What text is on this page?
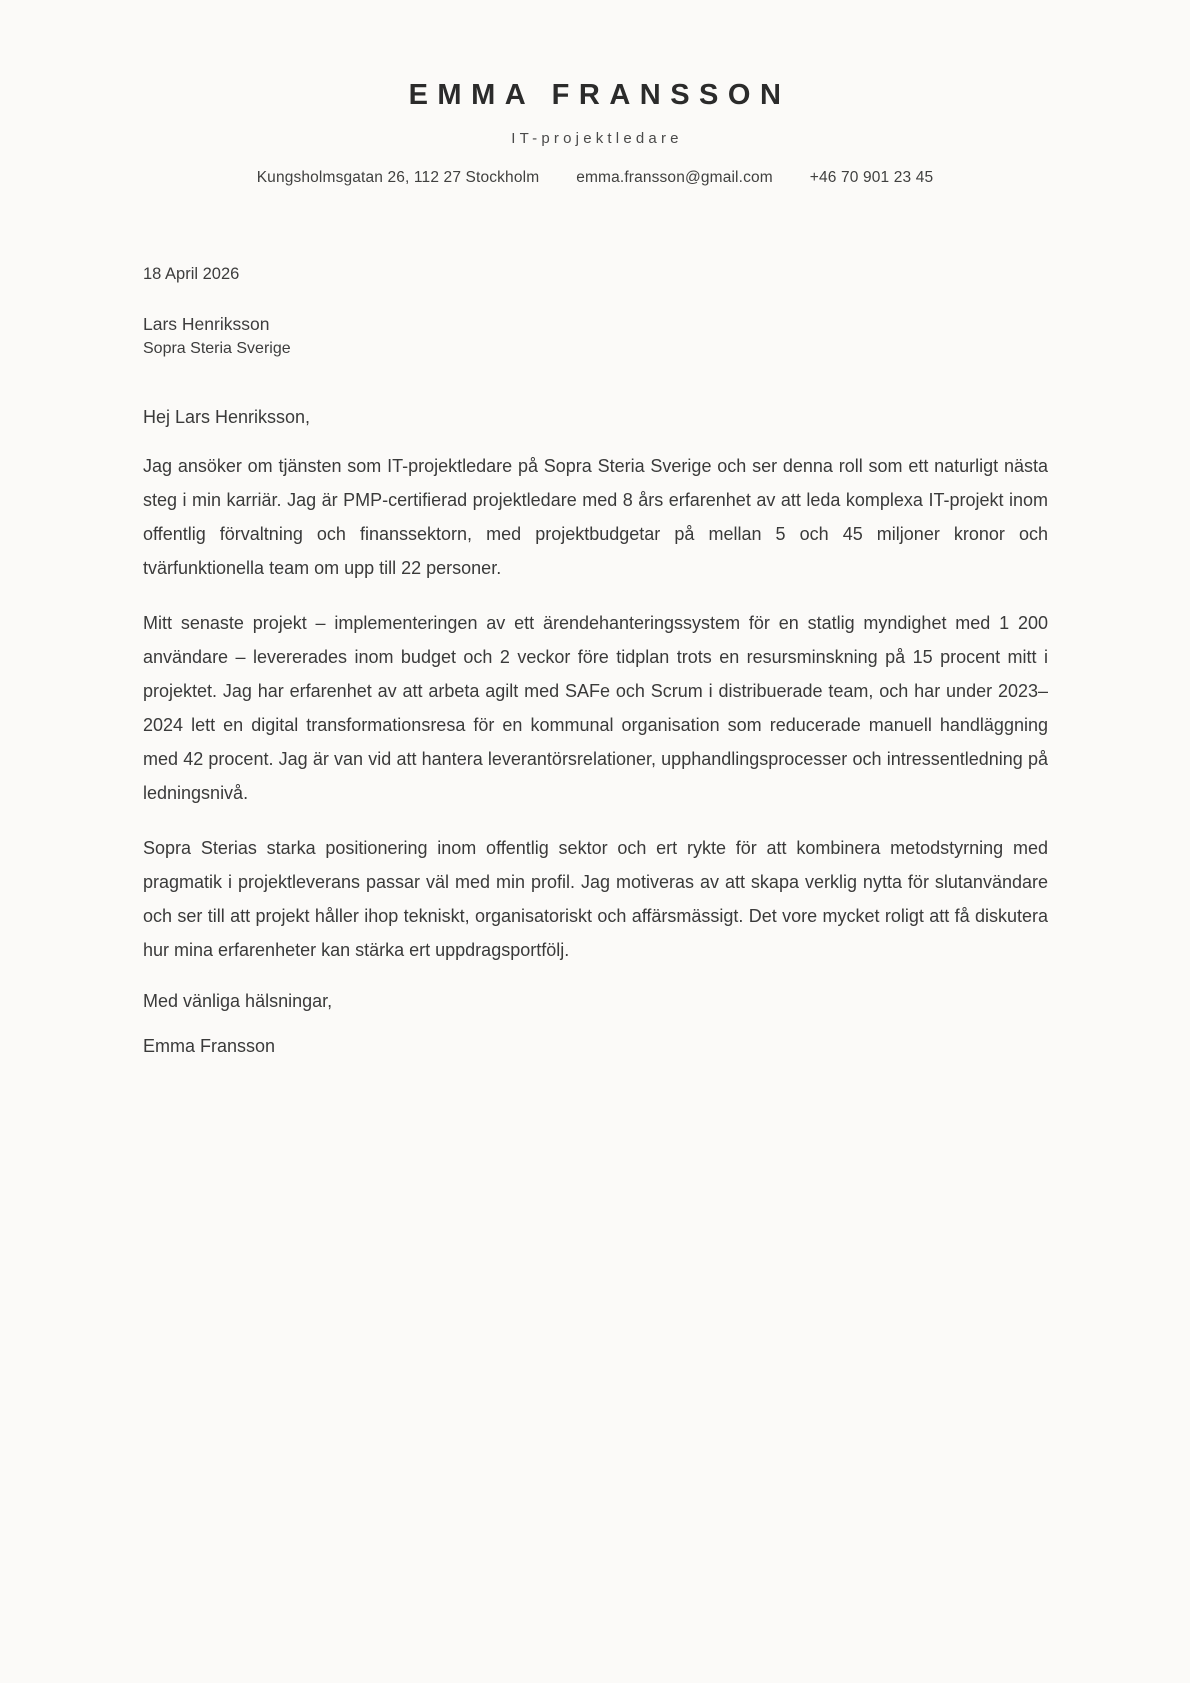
EMMA FRANSSON
IT-projektledare
Kungsholmsgatan 26, 112 27 Stockholm emma.fransson@gmail.com +46 70 901 23 45
18 April 2026
Lars Henriksson
Sopra Steria Sverige
Hej Lars Henriksson,

Jag ansöker om tjänsten som IT-projektledare på Sopra Steria Sverige och ser denna roll som ett naturligt nästa steg i min karriär. Jag är PMP-certifierad projektledare med 8 års erfarenhet av att leda komplexa IT-projekt inom offentlig förvaltning och finanssektorn, med projektbudgetar på mellan 5 och 45 miljoner kronor och tvärfunktionella team om upp till 22 personer.

Mitt senaste projekt – implementeringen av ett ärendehanteringssystem för en statlig myndighet med 1 200 användare – levererades inom budget och 2 veckor före tidplan trots en resursminskning på 15 procent mitt i projektet. Jag har erfarenhet av att arbeta agilt med SAFe och Scrum i distribuerade team, och har under 2023–2024 lett en digital transformationsresa för en kommunal organisation som reducerade manuell handläggning med 42 procent. Jag är van vid att hantera leverantörsrelationer, upphandlingsprocesser och intressentledning på ledningsnivå.

Sopra Sterias starka positionering inom offentlig sektor och ert rykte för att kombinera metodstyrning med pragmatik i projektleverans passar väl med min profil. Jag motiveras av att skapa verklig nytta för slutanvändare och ser till att projekt håller ihop tekniskt, organisatoriskt och affärsmässigt. Det vore mycket roligt att få diskutera hur mina erfarenheter kan stärka ert uppdragsportfölj.

Med vänliga hälsningar,
Emma Fransson
